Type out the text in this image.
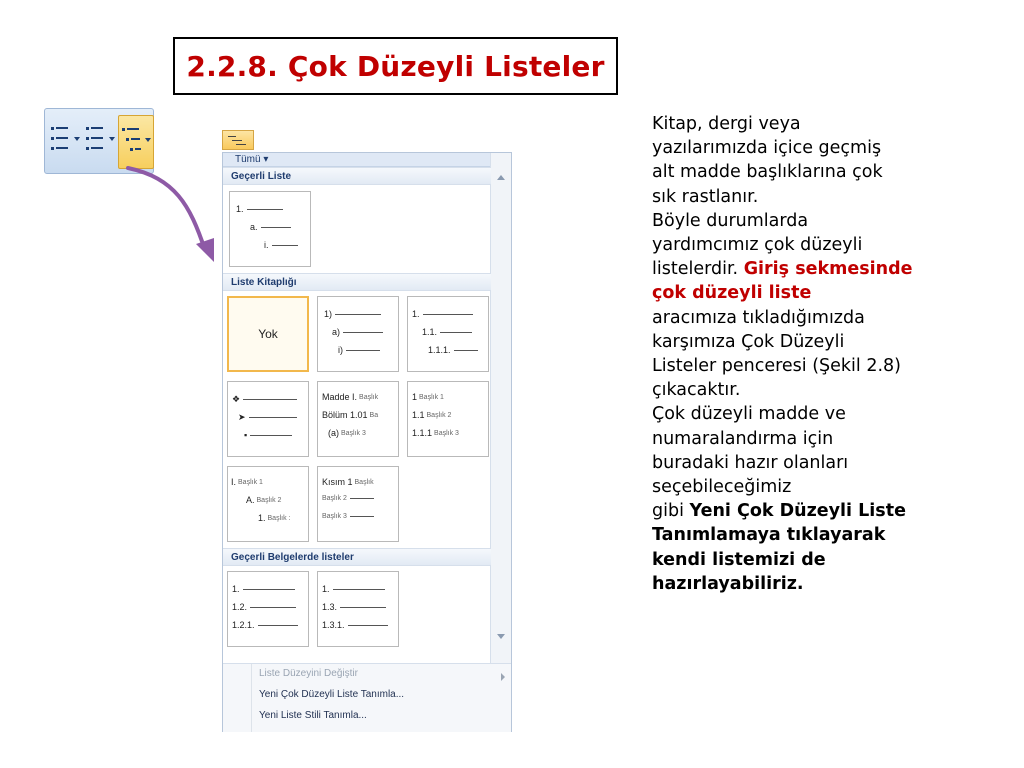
2.2.8. Çok Düzeyli Listeler
Tümü ▾
Geçerli Liste
1.
a.
i.
Liste Kitaplığı
Yok
1)
a)
i)
1.
1.1.
1.1.1.
❖
➤
▪
Madde I. Başlık
Bölüm 1.01 Ba
(a) Başlık 3
1 Başlık 1
1.1 Başlık 2
1.1.1 Başlık 3
I. Başlık 1
A. Başlık 2
1. Başlık :
Kısım 1 Başlık
Başlık 2
Başlık 3
Geçerli Belgelerde listeler
1.
1.2.
1.2.1.
1.
1.3.
1.3.1.
Liste Düzeyini Değiştir
Yeni Çok Düzeyli Liste Tanımla...
Yeni Liste Stili Tanımla...
Kitap, dergi veya
yazılarımızda içice geçmiş
alt madde başlıklarına çok
sık rastlanır.
Böyle durumlarda
yardımcımız çok düzeyli
listelerdir. Giriş sekmesinde
çok düzeyli liste
aracımıza tıkladığımızda
karşımıza Çok Düzeyli
Listeler penceresi (Şekil 2.8)
çıkacaktır.
Çok düzeyli madde ve
numaralandırma için
buradaki hazır olanları
seçebileceğimiz
gibi Yeni Çok Düzeyli Liste
Tanımlamaya tıklayarak
kendi listemizi de
hazırlayabiliriz.
